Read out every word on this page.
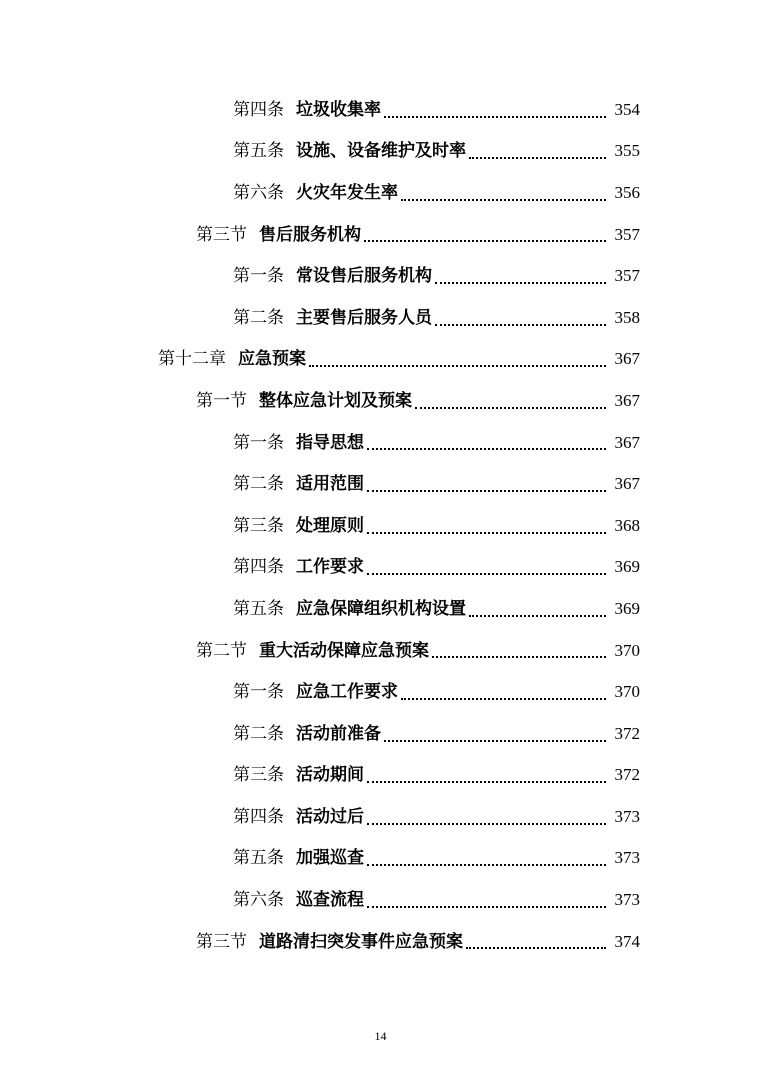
第四条 垃圾收集率	354
第五条 设施、设备维护及时率	355
第六条 火灾年发生率	356
第三节 售后服务机构	357
第一条 常设售后服务机构	357
第二条 主要售后服务人员	358
第十二章 应急预案	367
第一节 整体应急计划及预案	367
第一条 指导思想	367
第二条 适用范围	367
第三条 处理原则	368
第四条 工作要求	369
第五条 应急保障组织机构设置	369
第二节 重大活动保障应急预案	370
第一条 应急工作要求	370
第二条 活动前准备	372
第三条 活动期间	372
第四条 活动过后	373
第五条 加强巡查	373
第六条 巡查流程	373
第三节 道路清扫突发事件应急预案	374
14
